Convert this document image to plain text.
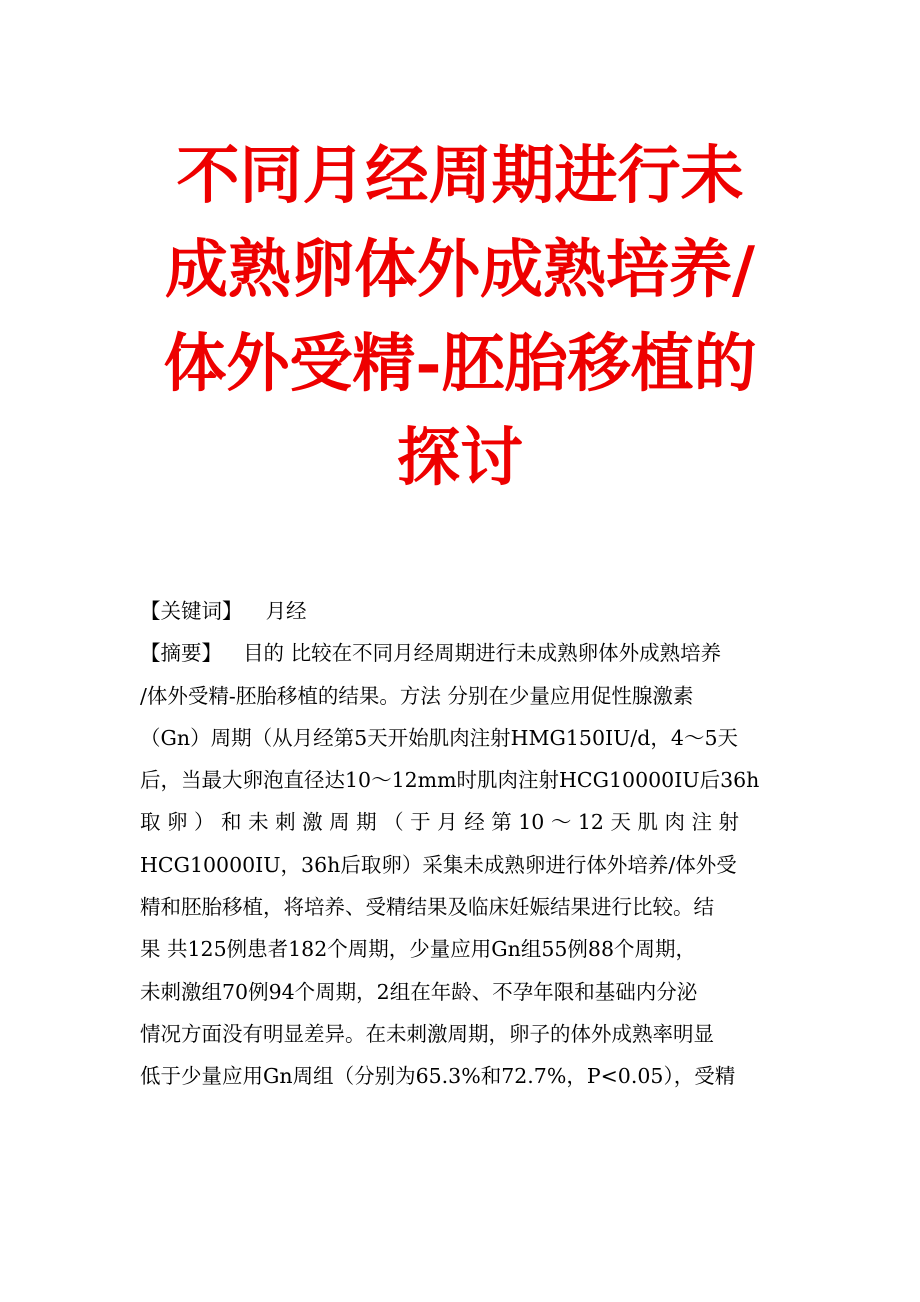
不同月经周期进行未
成熟卵体外成熟培养/
体外受精-胚胎移植的
探讨
【关键词】 月经
【摘要】 目的 比较在不同月经周期进行未成熟卵体外成熟培养
/体外受精-胚胎移植的结果。方法 分别在少量应用促性腺激素
（Gn）周期（从月经第5天开始肌肉注射HMG150IU/d，4～5天
后，当最大卵泡直径达10～12mm时肌肉注射HCG10000IU后36h
取 卵 ） 和 未 刺 激 周 期 （ 于 月 经 第 10 ～ 12 天 肌 肉 注 射
HCG10000IU，36h后取卵）采集未成熟卵进行体外培养/体外受
精和胚胎移植，将培养、受精结果及临床妊娠结果进行比较。结
果 共125例患者182个周期，少量应用Gn组55例88个周期，
未刺激组70例94个周期，2组在年龄、不孕年限和基础内分泌
情况方面没有明显差异。在未刺激周期，卵子的体外成熟率明显
低于少量应用Gn周组（分别为65.3%和72.7%，P<0.05），受精
